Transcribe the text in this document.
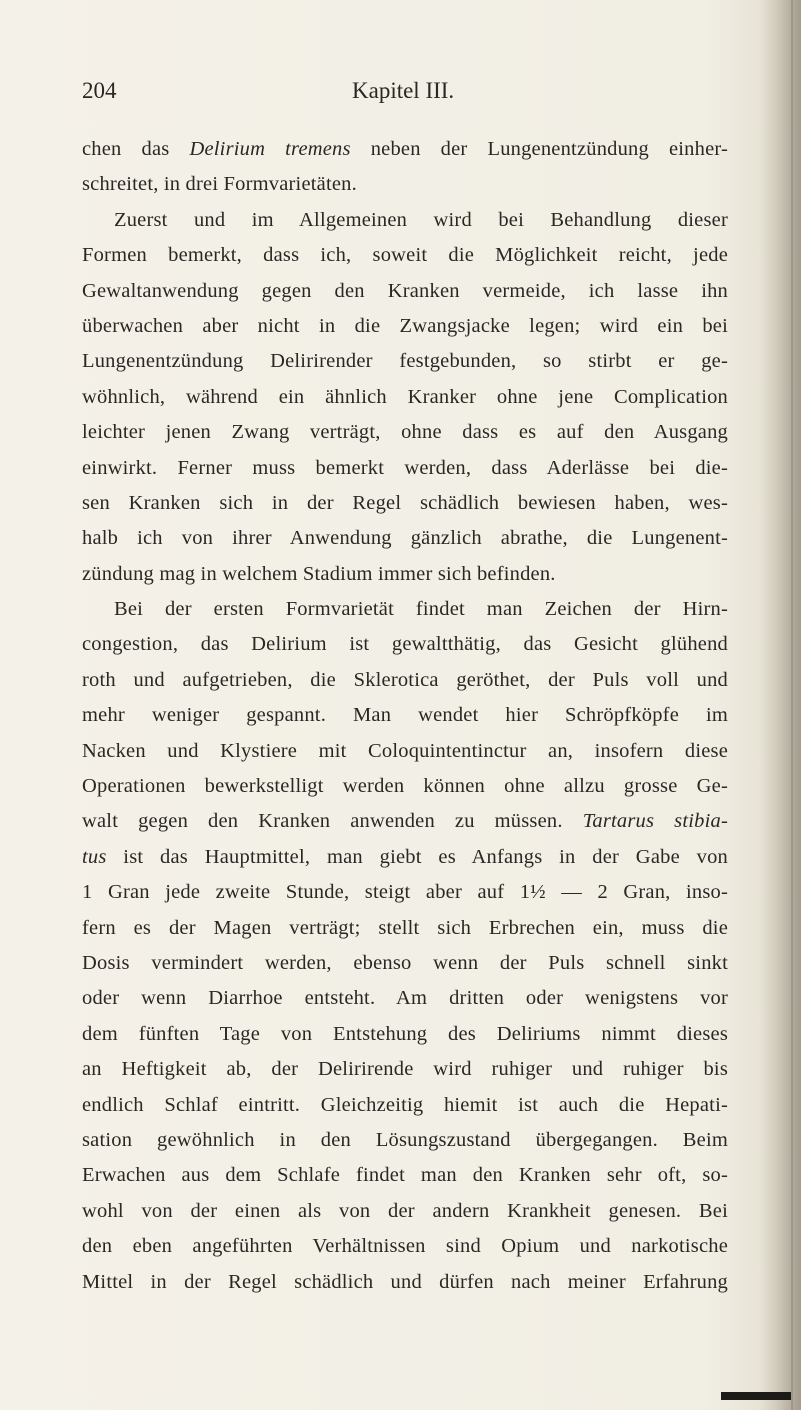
204	Kapitel III.
chen das Delirium tremens neben der Lungenentzündung einher-
schreitet, in drei Formvarietäten.
Zuerst und im Allgemeinen wird bei Behandlung dieser
Formen bemerkt, dass ich, soweit die Möglichkeit reicht, jede
Gewaltanwendung gegen den Kranken vermeide, ich lasse ihn
überwachen aber nicht in die Zwangsjacke legen; wird ein bei
Lungenentzündung Delirirender festgebunden, so stirbt er ge-
wöhnlich, während ein ähnlich Kranker ohne jene Complication
leichter jenen Zwang verträgt, ohne dass es auf den Ausgang
einwirkt. Ferner muss bemerkt werden, dass Aderlässe bei die-
sen Kranken sich in der Regel schädlich bewiesen haben, wes-
halb ich von ihrer Anwendung gänzlich abrathe, die Lungenent-
zündung mag in welchem Stadium immer sich befinden.
Bei der ersten Formvarietät findet man Zeichen der Hirn-
congestion, das Delirium ist gewaltthätig, das Gesicht glühend
roth und aufgetrieben, die Sklerotica geröthet, der Puls voll und
mehr weniger gespannt. Man wendet hier Schröpfköpfe im
Nacken und Klystiere mit Coloquintentinctur an, insofern diese
Operationen bewerkstelligt werden können ohne allzu grosse Ge-
walt gegen den Kranken anwenden zu müssen. Tartarus stibia-
tus ist das Hauptmittel, man giebt es Anfangs in der Gabe von
1 Gran jede zweite Stunde, steigt aber auf 1½ — 2 Gran, inso-
fern es der Magen verträgt; stellt sich Erbrechen ein, muss die
Dosis vermindert werden, ebenso wenn der Puls schnell sinkt
oder wenn Diarrhoe entsteht. Am dritten oder wenigstens vor
dem fünften Tage von Entstehung des Deliriums nimmt dieses
an Heftigkeit ab, der Delirirende wird ruhiger und ruhiger bis
endlich Schlaf eintritt. Gleichzeitig hiemit ist auch die Hepati-
sation gewöhnlich in den Lösungszustand übergegangen. Beim
Erwachen aus dem Schlafe findet man den Kranken sehr oft, so-
wohl von der einen als von der andern Krankheit genesen. Bei
den eben angeführten Verhältnissen sind Opium und narkotische
Mittel in der Regel schädlich und dürfen nach meiner Erfahrung
